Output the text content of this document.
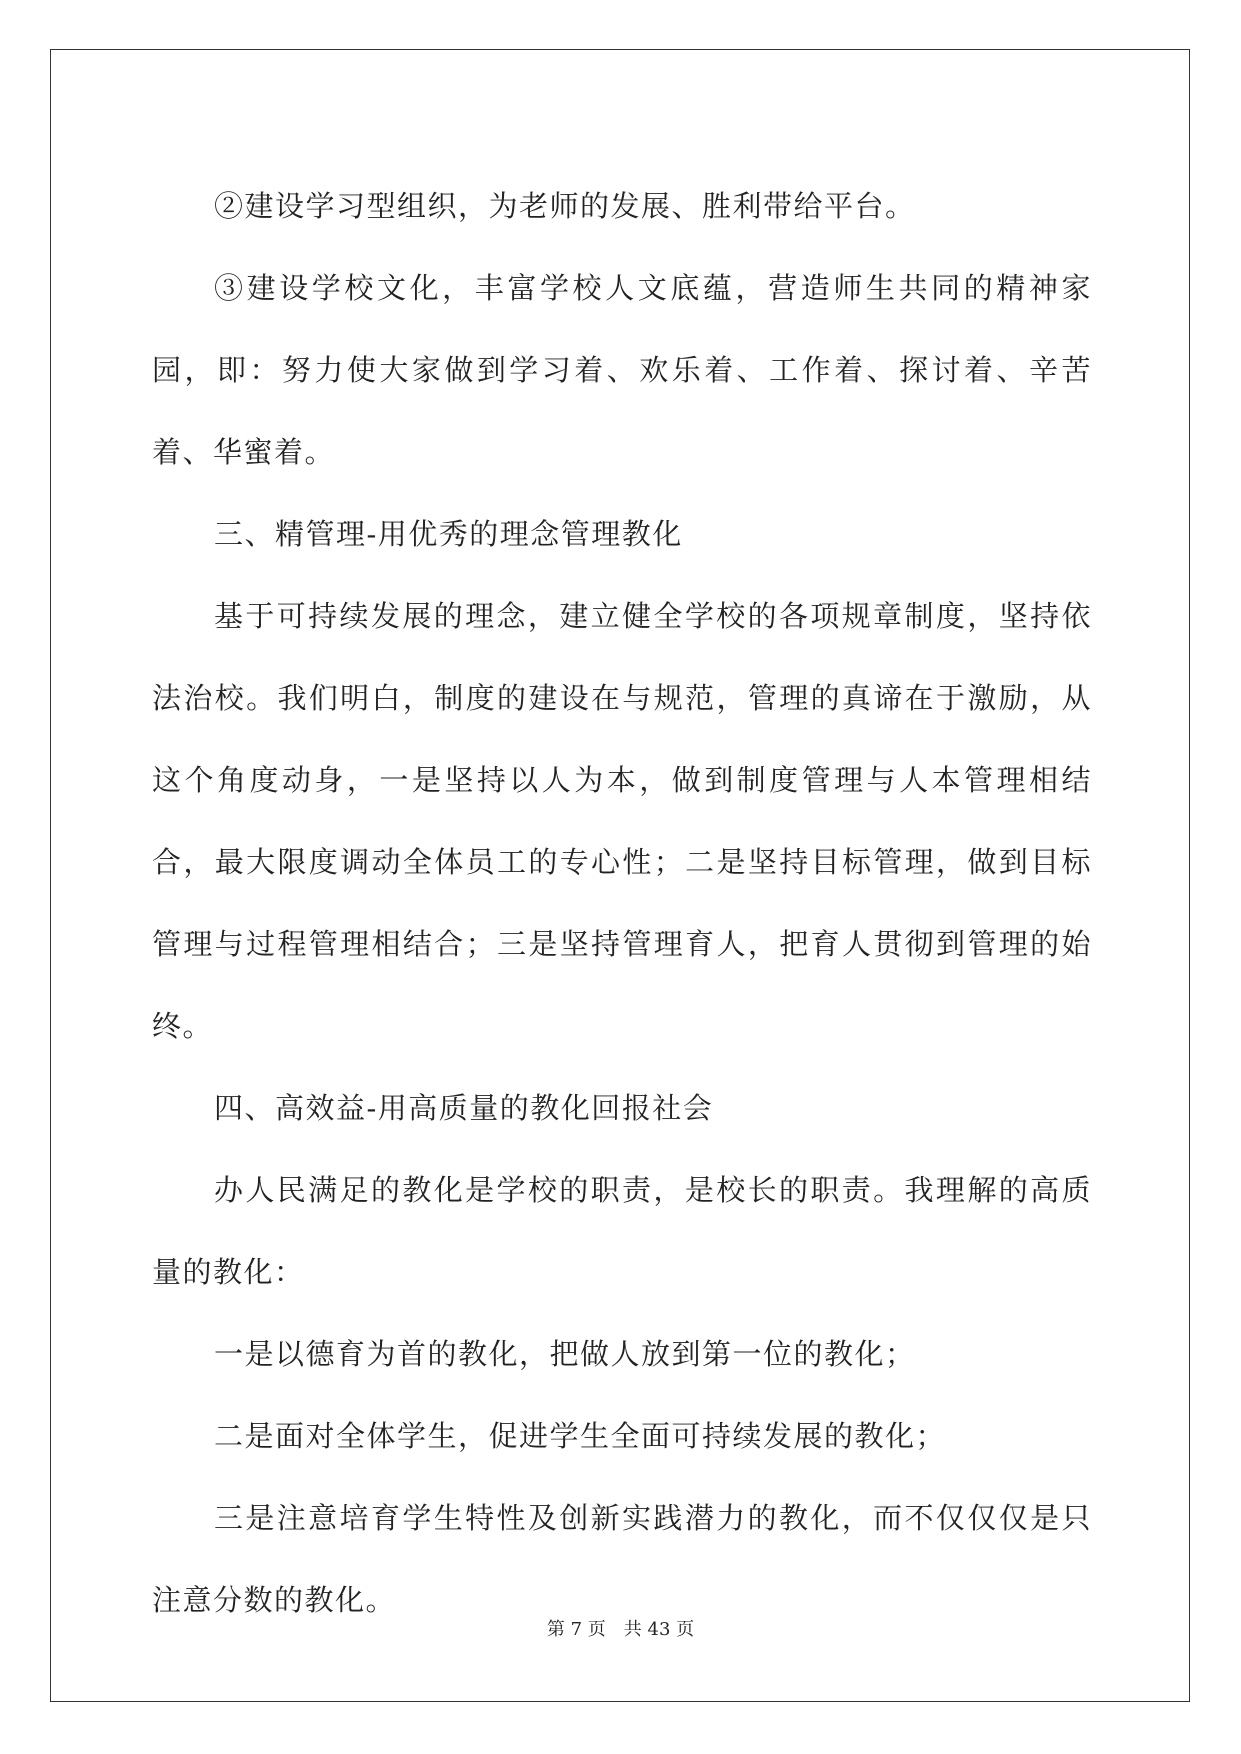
②建设学习型组织，为老师的发展、胜利带给平台。

③建设学校文化，丰富学校人文底蕴，营造师生共同的精神家园，即：努力使大家做到学习着、欢乐着、工作着、探讨着、辛苦着、华蜜着。

三、精管理-用优秀的理念管理教化

基于可持续发展的理念，建立健全学校的各项规章制度，坚持依法治校。我们明白，制度的建设在与规范，管理的真谛在于激励，从这个角度动身，一是坚持以人为本，做到制度管理与人本管理相结合，最大限度调动全体员工的专心性；二是坚持目标管理，做到目标管理与过程管理相结合；三是坚持管理育人，把育人贯彻到管理的始终。

四、高效益-用高质量的教化回报社会

办人民满足的教化是学校的职责，是校长的职责。我理解的高质量的教化：

一是以德育为首的教化，把做人放到第一位的教化；

二是面对全体学生，促进学生全面可持续发展的教化；

三是注意培育学生特性及创新实践潜力的教化，而不仅仅仅是只注意分数的教化。

第 7 页　共 43 页
